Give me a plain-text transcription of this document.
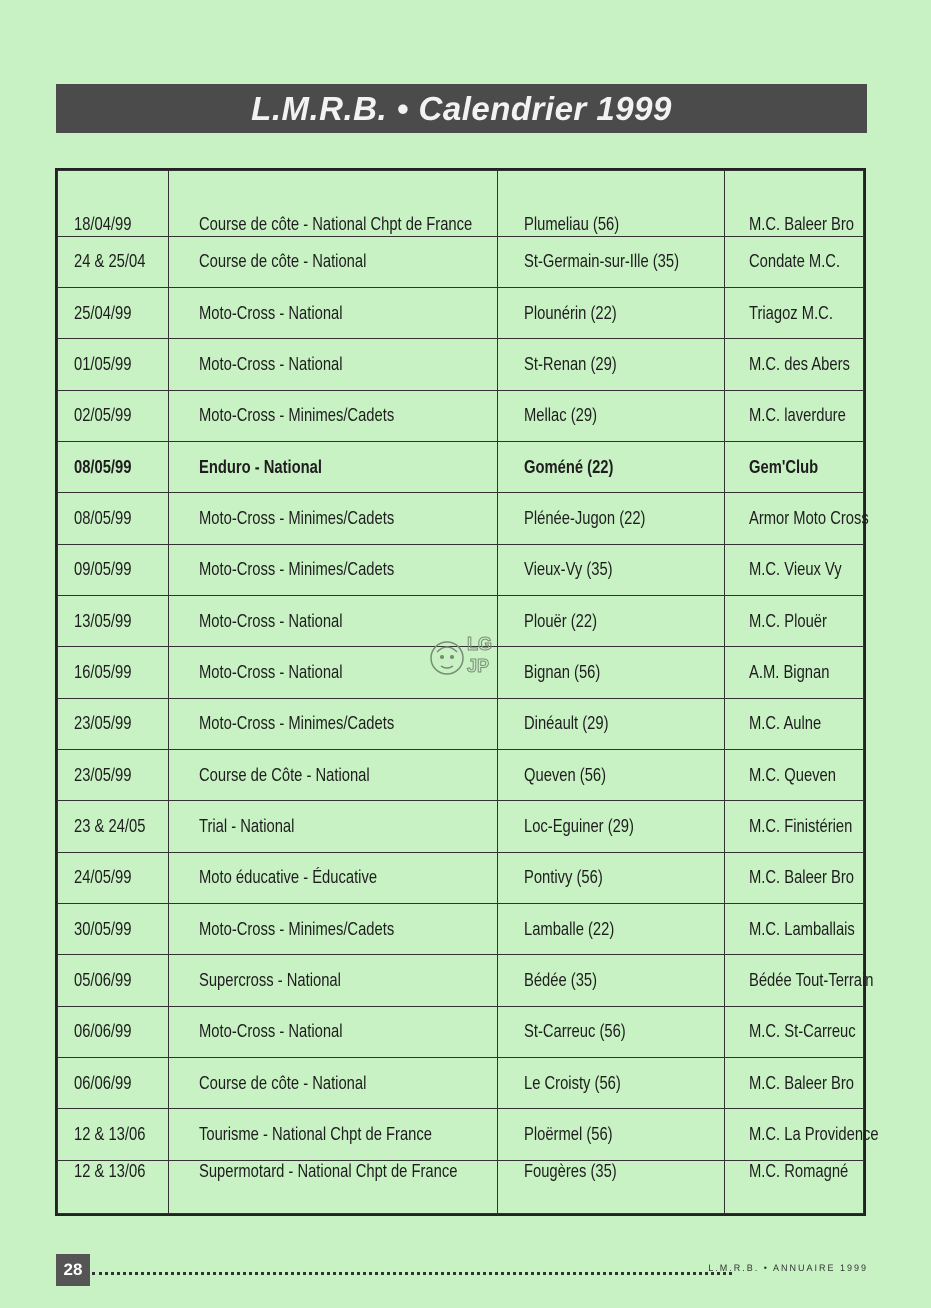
L.M.R.B. • Calendrier 1999
18/04/99	Course de côte - National Chpt de France	Plumeliau (56)	M.C. Baleer Bro
24 & 25/04	Course de côte - National	St-Germain-sur-Ille (35)	Condate M.C.
25/04/99	Moto-Cross - National	Plounérin (22)	Triagoz M.C.
01/05/99	Moto-Cross - National	St-Renan (29)	M.C. des Abers
02/05/99	Moto-Cross - Minimes/Cadets	Mellac (29)	M.C. laverdure
08/05/99	Enduro - National	Goméné (22)	Gem'Club
08/05/99	Moto-Cross - Minimes/Cadets	Plénée-Jugon (22)	Armor Moto Cross
09/05/99	Moto-Cross - Minimes/Cadets	Vieux-Vy (35)	M.C. Vieux Vy
13/05/99	Moto-Cross - National	Plouër (22)	M.C. Plouër
16/05/99	Moto-Cross - National	Bignan (56)	A.M. Bignan
23/05/99	Moto-Cross - Minimes/Cadets	Dinéault (29)	M.C. Aulne
23/05/99	Course de Côte - National	Queven (56)	M.C. Queven
23 & 24/05	Trial - National	Loc-Eguiner (29)	M.C. Finistérien
24/05/99	Moto éducative - Éducative	Pontivy (56)	M.C. Baleer Bro
30/05/99	Moto-Cross - Minimes/Cadets	Lamballe (22)	M.C. Lamballais
05/06/99	Supercross - National	Bédée (35)	Bédée Tout-Terrain
06/06/99	Moto-Cross - National	St-Carreuc (56)	M.C. St-Carreuc
06/06/99	Course de côte - National	Le Croisty (56)	M.C. Baleer Bro
12 & 13/06	Tourisme - National Chpt de France	Ploërmel (56)	M.C. La Providence
12 & 13/06	Supermotard - National Chpt de France	Fougères (35)	M.C. Romagné
LG
JP
28	L.M.R.B. • ANNUAIRE 1999
